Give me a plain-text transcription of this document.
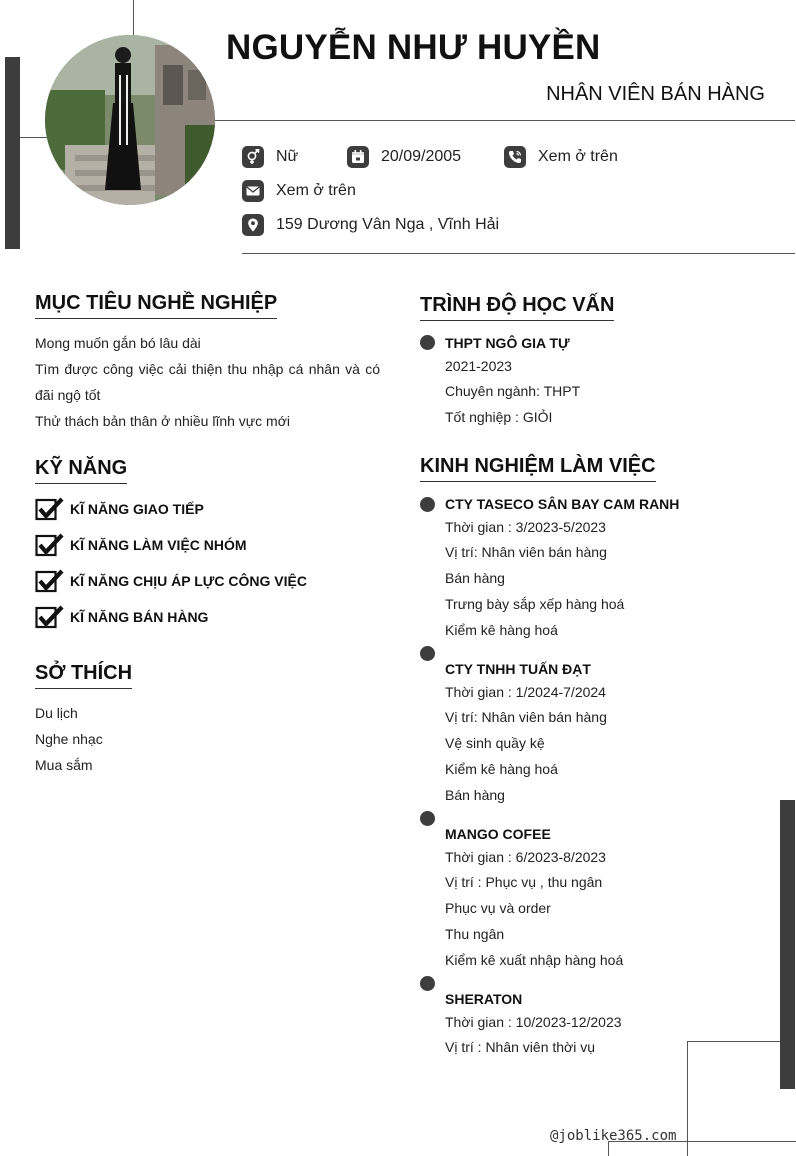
NGUYỄN NHƯ HUYỀN
NHÂN VIÊN BÁN HÀNG
Nữ	20/09/2005	Xem ở trên
Xem ở trên
159 Dương Vân Nga , Vĩnh Hải
MỤC TIÊU NGHỀ NGHIỆP
Mong muốn gắn bó lâu dài
Tìm được công việc cải thiện thu nhập cá nhân và có đãi ngộ tốt
Thử thách bản thân ở nhiều lĩnh vực mới
KỸ NĂNG
KĨ NĂNG GIAO TIẾP
KĨ NĂNG LÀM VIỆC NHÓM
KĨ NĂNG CHỊU ÁP LỰC CÔNG VIỆC
KĨ NĂNG BÁN HÀNG
SỞ THÍCH
Du lịch
Nghe nhạc
Mua sắm
TRÌNH ĐỘ HỌC VẤN
THPT NGÔ GIA TỰ
2021-2023
Chuyên ngành: THPT
Tốt nghiệp : GIỎI
KINH NGHIỆM LÀM VIỆC
CTY TASECO SÂN BAY CAM RANH
Thời gian : 3/2023-5/2023
Vị trí: Nhân viên bán hàng
Bán hàng
Trưng bày sắp xếp hàng hoá
Kiểm kê hàng hoá
CTY TNHH TUẤN ĐẠT
Thời gian : 1/2024-7/2024
Vị trí: Nhân viên bán hàng
Vệ sinh quầy kệ
Kiểm kê hàng hoá
Bán hàng
MANGO COFEE
Thời gian : 6/2023-8/2023
Vị trí : Phục vụ , thu ngân
Phục vụ và order
Thu ngân
Kiểm kê xuất nhập hàng hoá
SHERATON
Thời gian : 10/2023-12/2023
Vị trí : Nhân viên thời vụ
@joblike365.com
